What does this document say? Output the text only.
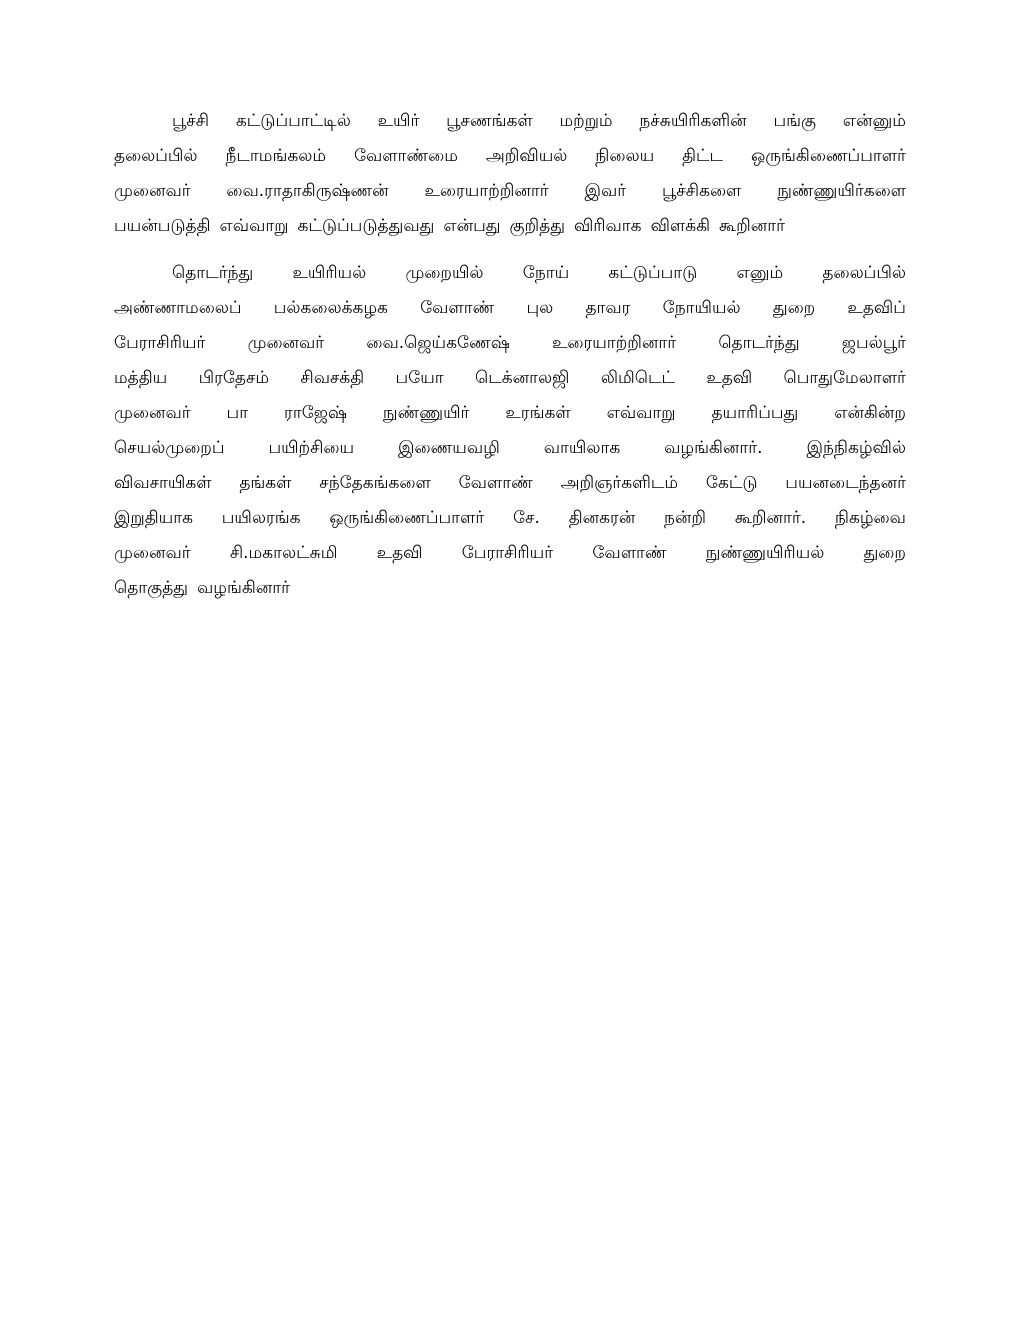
பூச்சி கட்டுப்பாட்டில் உயிர் பூசணங்கள் மற்றும் நச்சுயிரிகளின் பங்கு என்னும்
தலைப்பில் நீடாமங்கலம் வேளாண்மை அறிவியல் நிலைய திட்ட ஒருங்கிணைப்பாளர்
முனைவர் வை.ராதாகிருஷ்ணன் உரையாற்றினார் இவர் பூச்சிகளை நுண்ணுயிர்களை
பயன்படுத்தி எவ்வாறு கட்டுப்படுத்துவது என்பது குறித்து விரிவாக விளக்கி கூறினார்
தொடர்ந்து உயிரியல் முறையில் நோய் கட்டுப்பாடு எனும் தலைப்பில்
அண்ணாமலைப் பல்கலைக்கழக வேளாண் புல தாவர நோயியல் துறை உதவிப்
பேராசிரியர் முனைவர் வை.ஜெய்கணேஷ் உரையாற்றினார் தொடர்ந்து ஜபல்பூர்
மத்திய பிரதேசம் சிவசக்தி பயோ டெக்னாலஜி லிமிடெட் உதவி பொதுமேலாளர்
முனைவர் பா ராஜேஷ் நுண்ணுயிர் உரங்கள் எவ்வாறு தயாரிப்பது என்கின்ற
செயல்முறைப்	பயிற்சியை	இணையவழி	வாயிலாக	வழங்கினார்.	இந்நிகழ்வில்
விவசாயிகள் தங்கள் சந்தேகங்களை வேளாண் அறிஞர்களிடம் கேட்டு பயனடைந்தனர்
இறுதியாக பயிலரங்க ஒருங்கிணைப்பாளர் சே. தினகரன் நன்றி கூறினார். நிகழ்வை
முனைவர் சி.மகாலட்சுமி உதவி பேராசிரியர் வேளாண் நுண்ணுயிரியல் துறை
தொகுத்து வழங்கினார்
